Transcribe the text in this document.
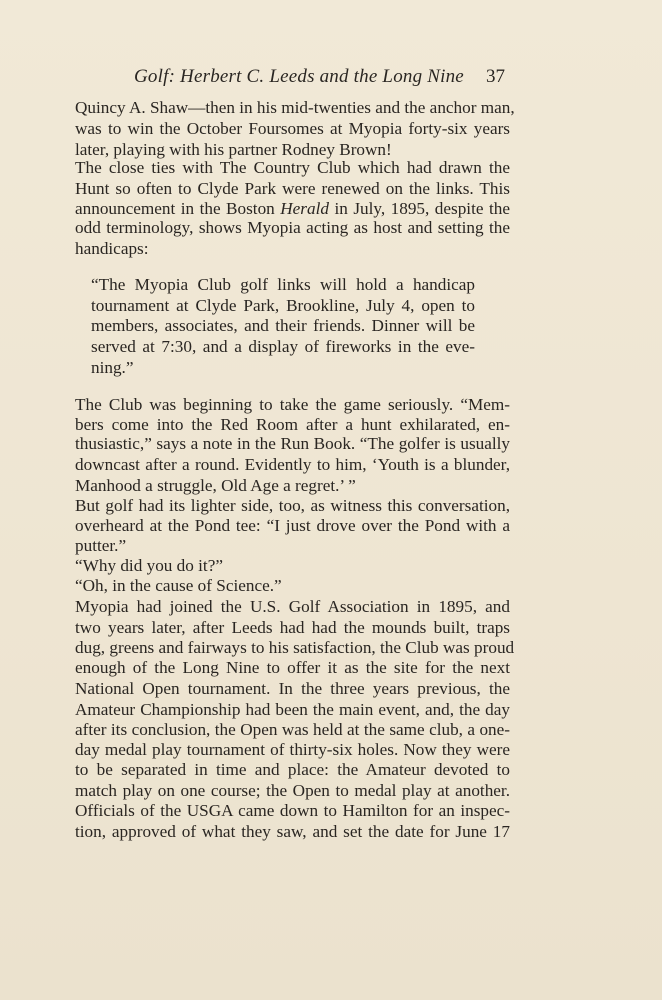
Golf: Herbert C. Leeds and the Long Nine 37
Quincy A. Shaw—then in his mid-twenties and the anchor man,
was to win the October Foursomes at Myopia forty-six years
later, playing with his partner Rodney Brown!
The close ties with The Country Club which had drawn the
Hunt so often to Clyde Park were renewed on the links. This
announcement in the Boston Herald in July, 1895, despite the
odd terminology, shows Myopia acting as host and setting the
handicaps:
“The Myopia Club golf links will hold a handicap
tournament at Clyde Park, Brookline, July 4, open to
members, associates, and their friends. Dinner will be
served at 7:30, and a display of fireworks in the eve-
ning.”
The Club was beginning to take the game seriously. “Mem-
bers come into the Red Room after a hunt exhilarated, en-
thusiastic,” says a note in the Run Book. “The golfer is usually
downcast after a round. Evidently to him, ‘Youth is a blunder,
Manhood a struggle, Old Age a regret.’ ”
But golf had its lighter side, too, as witness this conversation,
overheard at the Pond tee: “I just drove over the Pond with a
putter.”
“Why did you do it?”
“Oh, in the cause of Science.”
Myopia had joined the U.S. Golf Association in 1895, and
two years later, after Leeds had had the mounds built, traps
dug, greens and fairways to his satisfaction, the Club was proud
enough of the Long Nine to offer it as the site for the next
National Open tournament. In the three years previous, the
Amateur Championship had been the main event, and, the day
after its conclusion, the Open was held at the same club, a one-
day medal play tournament of thirty-six holes. Now they were
to be separated in time and place: the Amateur devoted to
match play on one course; the Open to medal play at another.
Officials of the USGA came down to Hamilton for an inspec-
tion, approved of what they saw, and set the date for June 17
